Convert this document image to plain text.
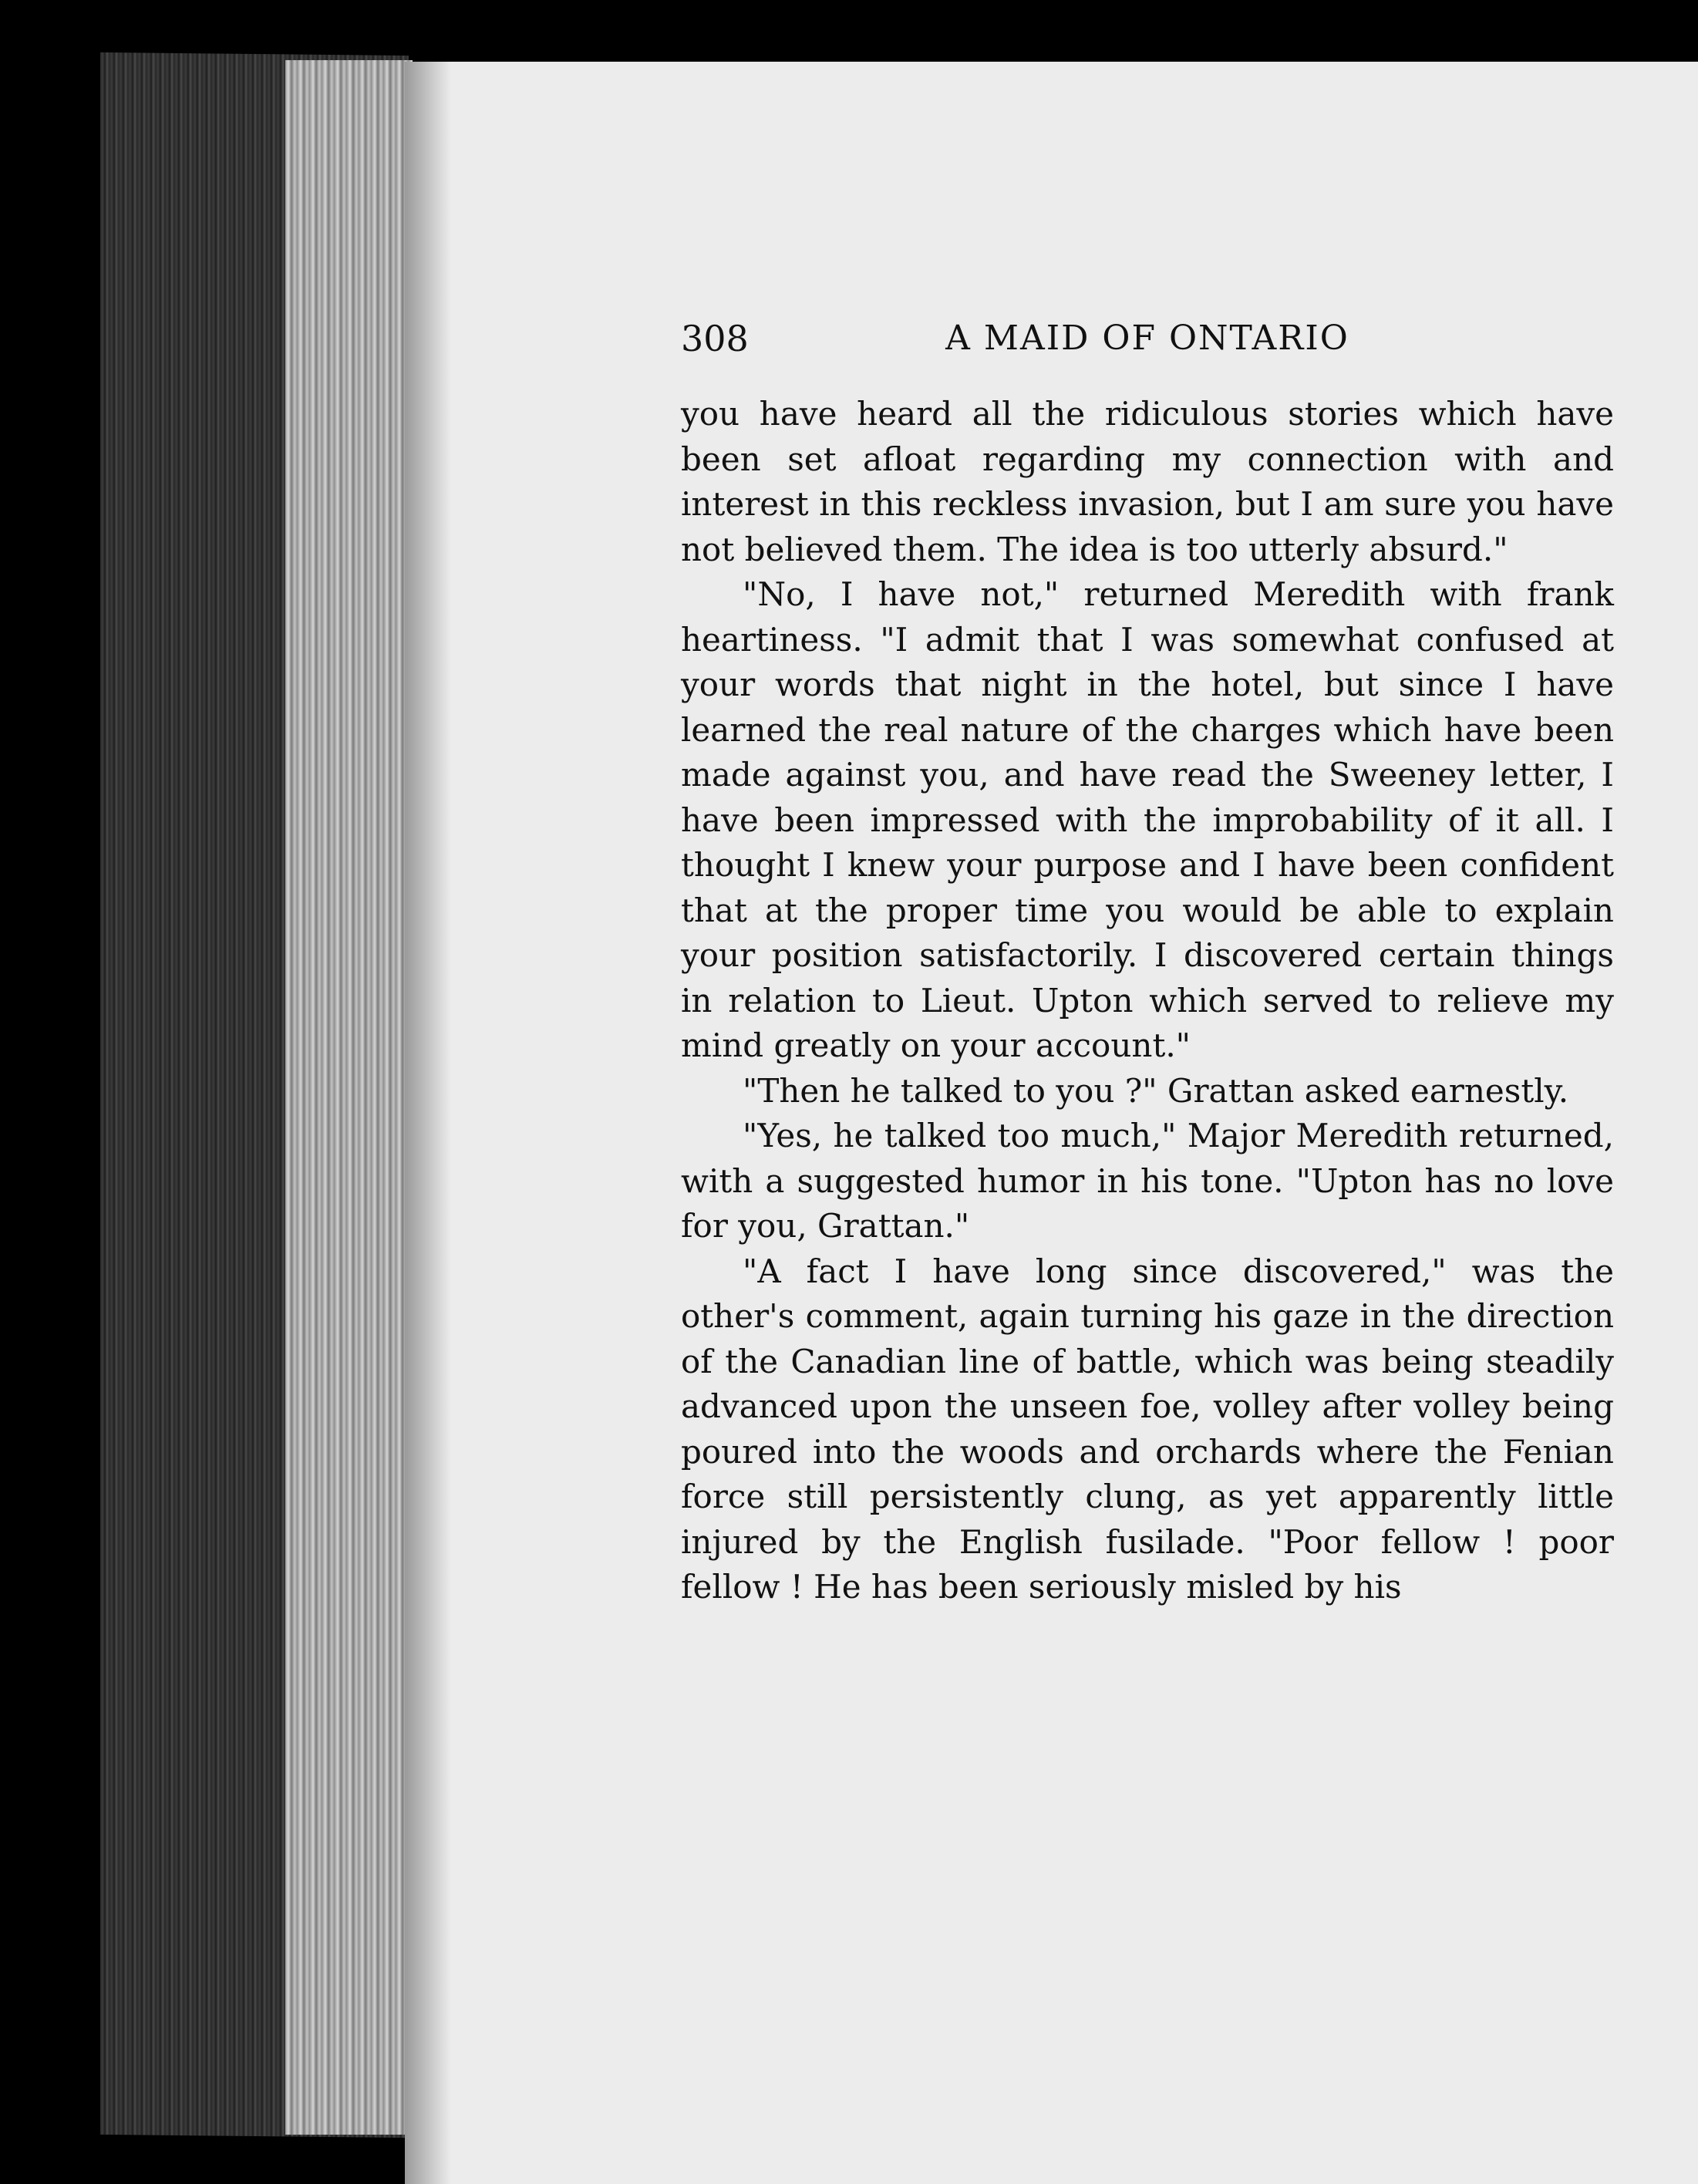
308	A MAID OF ONTARIO

you have heard all the ridiculous stories which have been set afloat regarding my connection with and interest in this reckless invasion, but I am sure you have not believed them. The idea is too utterly absurd."

"No, I have not," returned Meredith with frank heartiness. "I admit that I was somewhat confused at your words that night in the hotel, but since I have learned the real nature of the charges which have been made against you, and have read the Sweeney letter, I have been impressed with the improbability of it all. I thought I knew your purpose and I have been confident that at the proper time you would be able to explain your position satisfactorily. I discovered certain things in relation to Lieut. Upton which served to relieve my mind greatly on your account."

"Then he talked to you ?" Grattan asked earnestly.

"Yes, he talked too much," Major Meredith returned, with a suggested humor in his tone. "Upton has no love for you, Grattan."

"A fact I have long since discovered," was the other's comment, again turning his gaze in the direction of the Canadian line of battle, which was being steadily advanced upon the unseen foe, volley after volley being poured into the woods and orchards where the Fenian force still persistently clung, as yet apparently little injured by the English fusilade. "Poor fellow ! poor fellow ! He has been seriously misled by his
